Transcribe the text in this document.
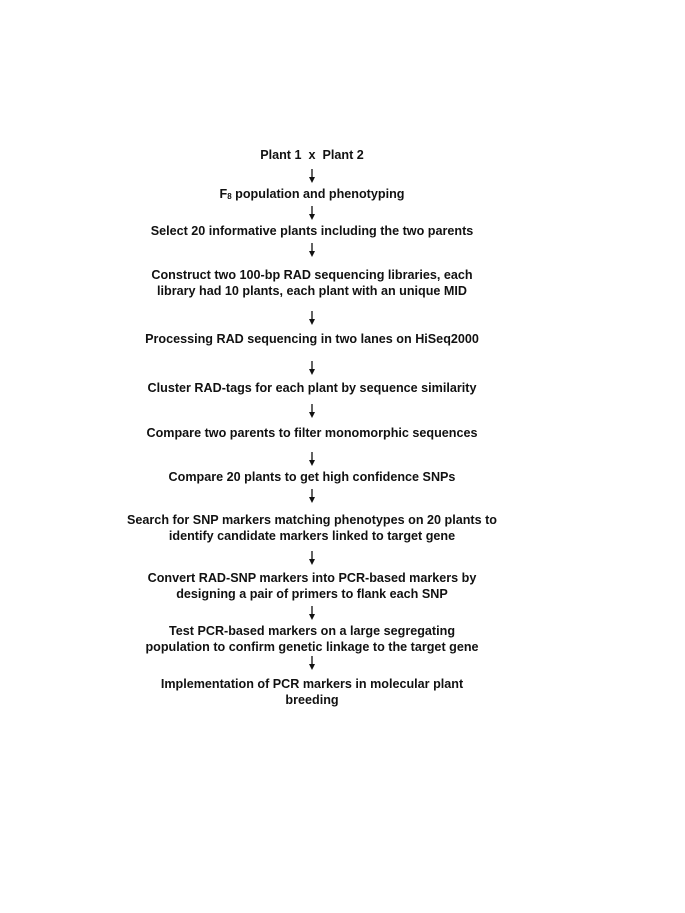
Plant 1  x  Plant 2
F8 population and phenotyping
Select 20 informative plants including the two parents
Construct two 100-bp RAD sequencing libraries, each
library had 10 plants, each plant with an unique MID
Processing RAD sequencing in two lanes on HiSeq2000
Cluster RAD-tags for each plant by sequence similarity
Compare two parents to filter monomorphic sequences
Compare 20 plants to get high confidence SNPs
Search for SNP markers matching phenotypes on 20 plants to
identify candidate markers linked to target gene
Convert RAD-SNP markers into PCR-based markers by
designing a pair of primers to flank each SNP
Test PCR-based markers on a large segregating
population to confirm genetic linkage to the target gene
Implementation of PCR markers in molecular plant
breeding
